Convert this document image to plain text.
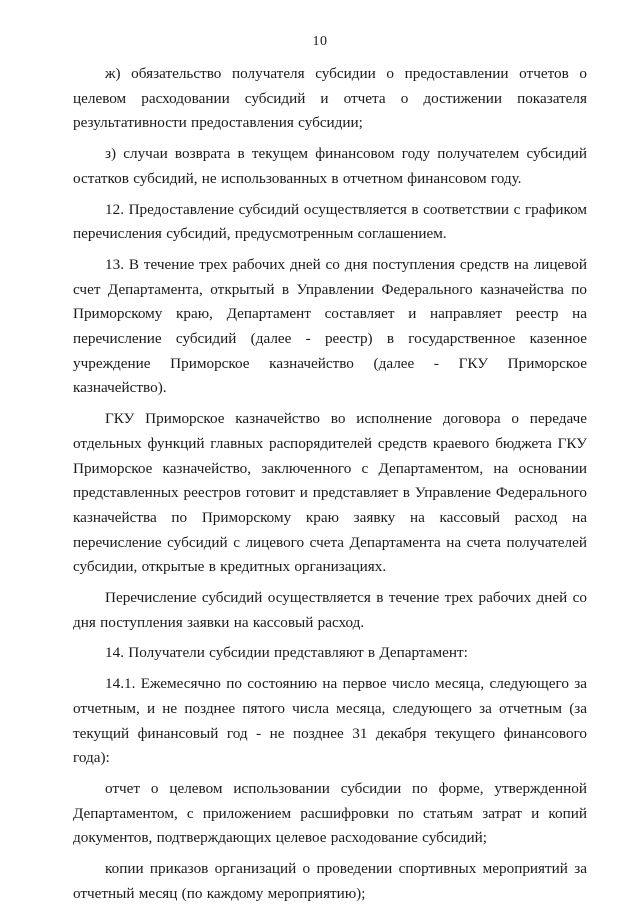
10

ж) обязательство получателя субсидии о предоставлении отчетов о целевом расходовании субсидий и отчета о достижении показателя результативности предоставления субсидии;

з) случаи возврата в текущем финансовом году получателем субсидий остатков субсидий, не использованных в отчетном финансовом году.

12. Предоставление субсидий осуществляется в соответствии с графиком перечисления субсидий, предусмотренным соглашением.

13. В течение трех рабочих дней со дня поступления средств на лицевой счет Департамента, открытый в Управлении Федерального казначейства по Приморскому краю, Департамент составляет и направляет реестр на перечисление субсидий (далее - реестр) в государственное казенное учреждение Приморское казначейство (далее - ГКУ Приморское казначейство).

ГКУ Приморское казначейство во исполнение договора о передаче отдельных функций главных распорядителей средств краевого бюджета ГКУ Приморское казначейство, заключенного с Департаментом, на основании представленных реестров готовит и представляет в Управление Федерального казначейства по Приморскому краю заявку на кассовый расход на перечисление субсидий с лицевого счета Департамента на счета получателей субсидии, открытые в кредитных организациях.

Перечисление субсидий осуществляется в течение трех рабочих дней со дня поступления заявки на кассовый расход.

14. Получатели субсидии представляют в Департамент:

14.1. Ежемесячно по состоянию на первое число месяца, следующего за отчетным, и не позднее пятого числа месяца, следующего за отчетным (за текущий финансовый год - не позднее 31 декабря текущего финансового года):

отчет о целевом использовании субсидии по форме, утвержденной Департаментом, с приложением расшифровки по статьям затрат и копий документов, подтверждающих целевое расходование субсидий;

копии приказов организаций о проведении спортивных мероприятий за отчетный месяц (по каждому мероприятию);
